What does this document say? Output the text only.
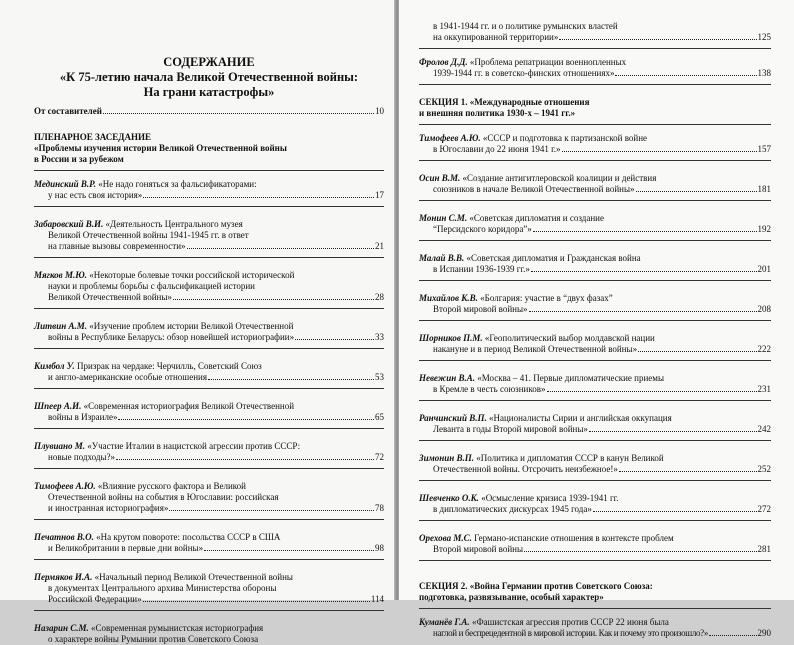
СОДЕРЖАНИЕ
«К 75-летию начала Великой Отечественной войны:
На грани катастрофы»
От составителей	10
ПЛЕНАРНОЕ ЗАСЕДАНИЕ
«Проблемы изучения истории Великой Отечественной войны
в России и за рубежом
Мединский В.Р. «Не надо гоняться за фальсификаторами:
у нас есть своя история»	17
Забаровский В.И. «Деятельность Центрального музея
Великой Отечественной войны 1941-1945 гг. в ответ
на главные вызовы современности»	21
Мягков М.Ю. «Некоторые болевые точки российской исторической
науки и проблемы борьбы с фальсификацией истории
Великой Отечественной войны»	28
Литвин А.М. «Изучение проблем истории Великой Отечественной
войны в Республике Беларусь: обзор новейшей историографии»	33
Кимбол У. Призрак на чердаке: Черчилль, Советский Союз
и англо-американские особые отношения	53
Шпеер А.И. «Современная историография Великой Отечественной
войны в Израиле»	65
Плувиано М. «Участие Италии в нацистской агрессии против СССР:
новые подходы?»	72
Тимофеев А.Ю. «Влияние русского фактора и Великой
Отечественной войны на события в Югославии: российская
и иностранная историография»	78
Печатнов В.О. «На крутом повороте: посольства СССР в США
и Великобритании в первые дни войны»	98
Пермяков И.А. «Начальный период Великой Отечественной войны
в документах Центрального архива Министерства обороны
Российской Федерации»	114
Назарин С.М. «Современная румынистская историография
о характере войны Румынии против Советского Союза
в 1941-1944 гг. и о политике румынских властей
на оккупированной территории»	125
Фролов Д.Д. «Проблема репатриации военнопленных
1939-1944 гг. в советско-финских отношениях»	138
СЕКЦИЯ 1. «Международные отношения
и внешняя политика 1930-х – 1941 гг.»
Тимофеев А.Ю. «СССР и подготовка к партизанской войне
в Югославии до 22 июня 1941 г.»	157
Осин В.М. «Создание антигитлеровской коалиции и действия
союзников в начале Великой Отечественной войны»	181
Монин С.М. «Советская дипломатия и создание
“Персидского коридора”»	192
Малай В.В. «Советская дипломатия и Гражданская война
в Испании 1936-1939 гг.»	201
Михайлов К.В. «Болгария: участие в “двух фазах”
Второй мировой войны»	208
Шорников П.М. «Геополитический выбор молдавской нации
накануне и в период Великой Отечественной войны»	222
Невежин В.А. «Москва – 41. Первые дипломатические приемы
в Кремле в честь союзников»	231
Ранчинский В.П. «Националисты Сирии и английская оккупация
Леванта в годы Второй мировой войны»	242
Зимонин В.П. «Политика и дипломатия СССР в канун Великой
Отечественной войны. Отсрочить неизбежное!»	252
Шевченко О.К. «Осмысление кризиса 1939-1941 гг.
в дипломатических дискурсах 1945 года»	272
Орехова М.С. Германо-испанские отношения в контексте проблем
Второй мировой войны	281
СЕКЦИЯ 2. «Война Германии против Советского Союза:
подготовка, развязывание, особый характер»
Куманёв Г.А. «Фашистская агрессия против СССР 22 июня была
наглой и беспрецедентной в мировой истории. Как и почему это произошло?»	290
